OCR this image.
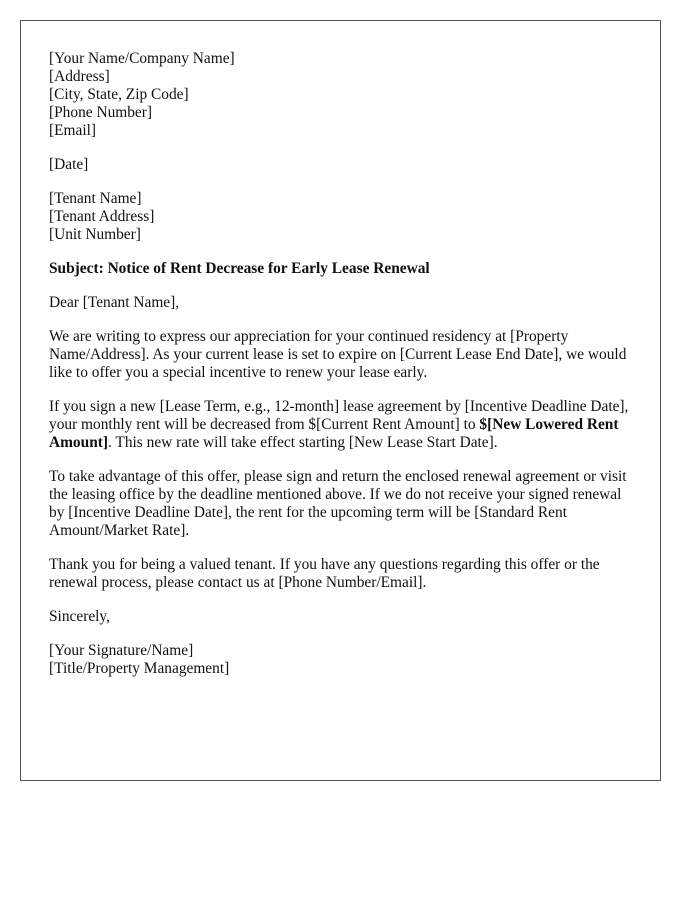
[Your Name/Company Name]
[Address]
[City, State, Zip Code]
[Phone Number]
[Email]
[Date]
[Tenant Name]
[Tenant Address]
[Unit Number]

Subject: Notice of Rent Decrease for Early Lease Renewal

Dear [Tenant Name],

We are writing to express our appreciation for your continued residency at [Property Name/Address]. As your current lease is set to expire on [Current Lease End Date], we would like to offer you a special incentive to renew your lease early.

If you sign a new [Lease Term, e.g., 12-month] lease agreement by [Incentive Deadline Date], your monthly rent will be decreased from $[Current Rent Amount] to $[New Lowered Rent Amount]. This new rate will take effect starting [New Lease Start Date].

To take advantage of this offer, please sign and return the enclosed renewal agreement or visit the leasing office by the deadline mentioned above. If we do not receive your signed renewal by [Incentive Deadline Date], the rent for the upcoming term will be [Standard Rent Amount/Market Rate].

Thank you for being a valued tenant. If you have any questions regarding this offer or the renewal process, please contact us at [Phone Number/Email].

Sincerely,

[Your Signature/Name]
[Title/Property Management]
